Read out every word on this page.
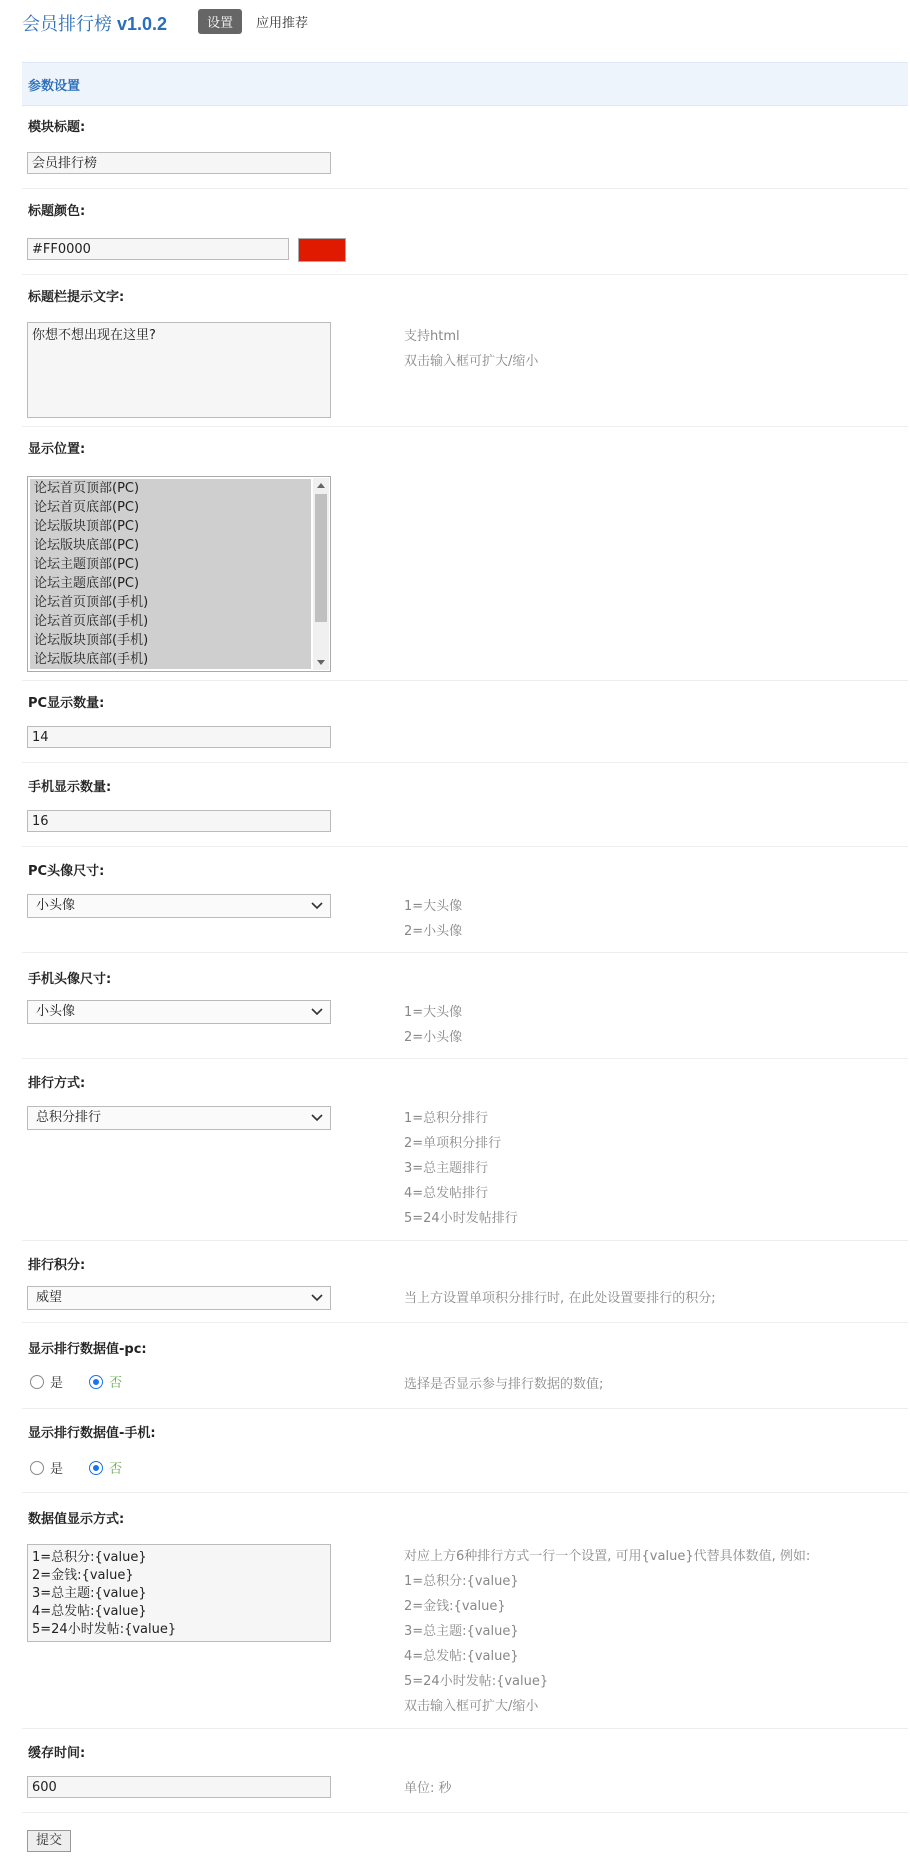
会员排行榜 v1.0.2	设置	应用推荐
参数设置
模块标题:
会员排行榜
标题颜色:
#FF0000
标题栏提示文字:
你想不想出现在这里?	支持html
双击输入框可扩大/缩小
显示位置:
论坛首页顶部(PC)
论坛首页底部(PC)
论坛版块顶部(PC)
论坛版块底部(PC)
论坛主题顶部(PC)
论坛主题底部(PC)
论坛首页顶部(手机)
论坛首页底部(手机)
论坛版块顶部(手机)
论坛版块底部(手机)
PC显示数量:
14
手机显示数量:
16
PC头像尺寸:
小头像	1=大头像
2=小头像
手机头像尺寸:
小头像	1=大头像
2=小头像
排行方式:
总积分排行	1=总积分排行
2=单项积分排行
3=总主题排行
4=总发帖排行
5=24小时发帖排行
排行积分:
威望	当上方设置单项积分排行时, 在此处设置要排行的积分;
显示排行数据值-pc:
是	否	选择是否显示参与排行数据的数值;
显示排行数据值-手机:
是	否
数据值显示方式:
1=总积分:{value}
2=金钱:{value}
3=总主题:{value}
4=总发帖:{value}
5=24小时发帖:{value}
对应上方6种排行方式一行一个设置, 可用{value}代替具体数值, 例如:
1=总积分:{value}
2=金钱:{value}
3=总主题:{value}
4=总发帖:{value}
5=24小时发帖:{value}
双击输入框可扩大/缩小
缓存时间:
600	单位: 秒
提交
